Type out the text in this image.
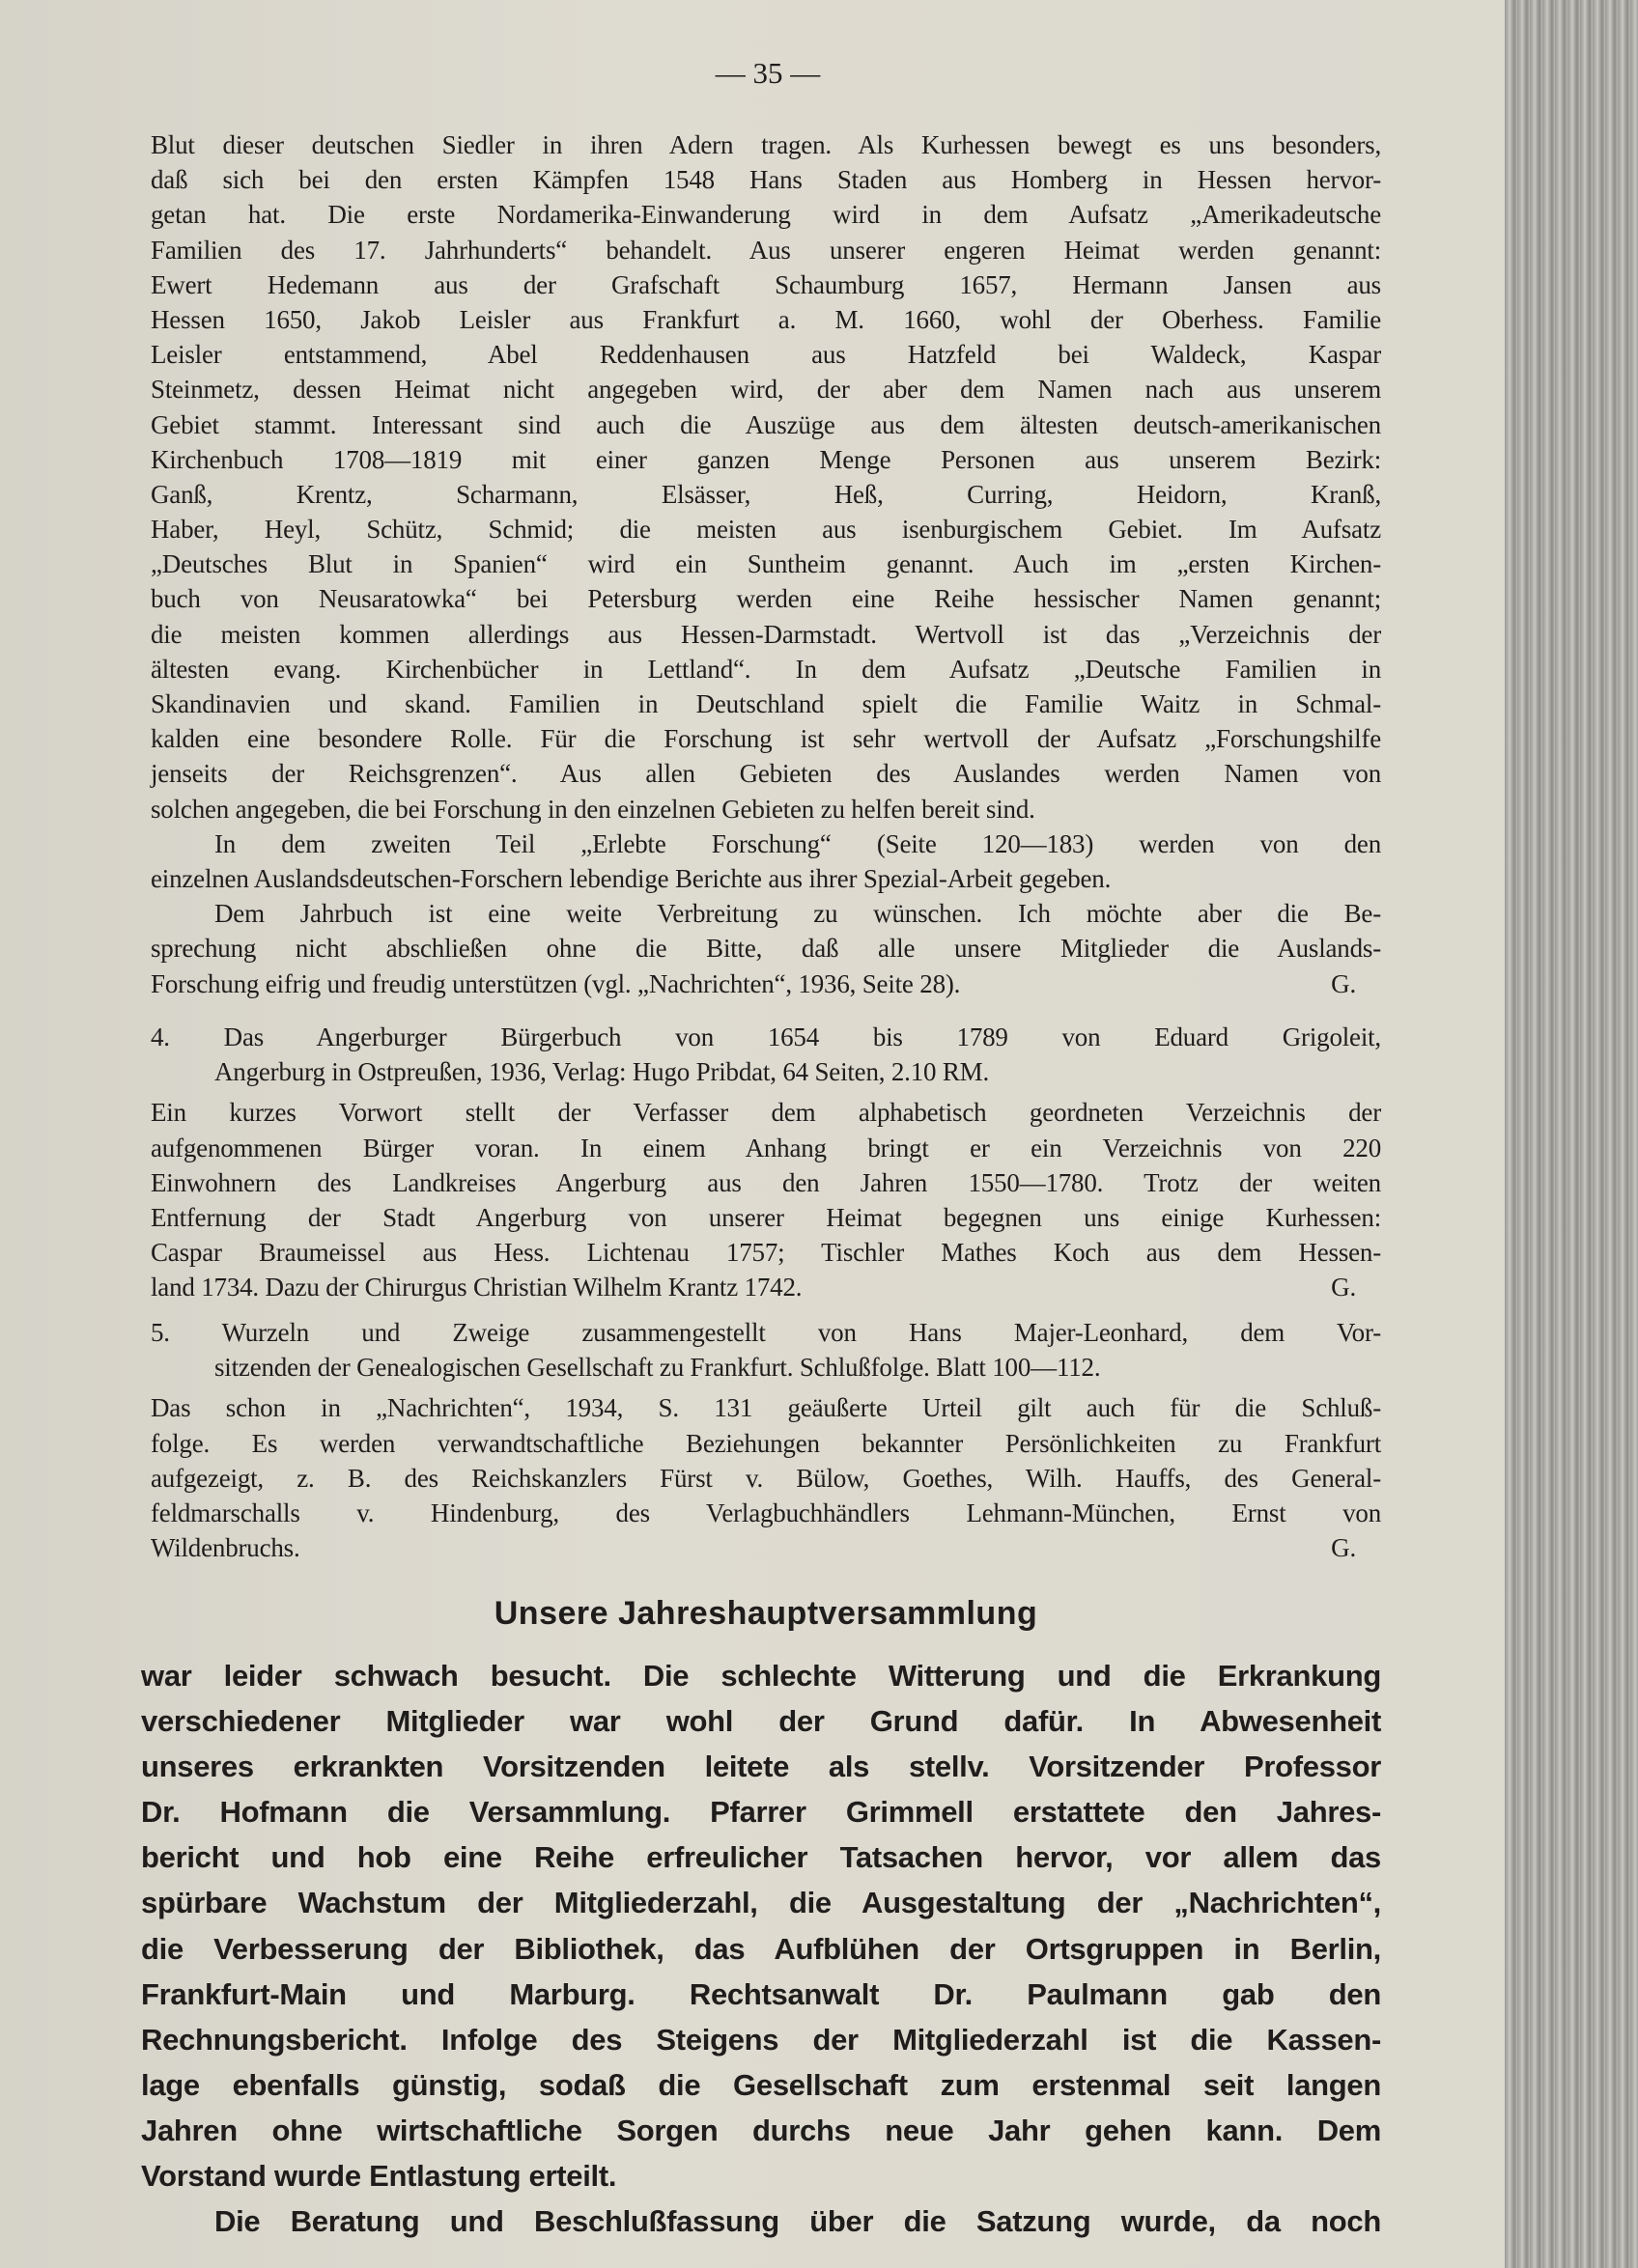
— 35 —
Blut dieser deutschen Siedler in ihren Adern tragen. Als Kurhessen bewegt es uns besonders,
daß sich bei den ersten Kämpfen 1548 Hans Staden aus Homberg in Hessen hervor-
getan hat. Die erste Nordamerika-Einwanderung wird in dem Aufsatz „Amerikadeutsche
Familien des 17. Jahrhunderts“ behandelt. Aus unserer engeren Heimat werden genannt:
Ewert Hedemann aus der Grafschaft Schaumburg 1657, Hermann Jansen aus
Hessen 1650, Jakob Leisler aus Frankfurt a. M. 1660, wohl der Oberhess. Familie
Leisler entstammend, Abel Reddenhausen aus Hatzfeld bei Waldeck, Kaspar
Steinmetz, dessen Heimat nicht angegeben wird, der aber dem Namen nach aus unserem
Gebiet stammt. Interessant sind auch die Auszüge aus dem ältesten deutsch-amerikanischen
Kirchenbuch 1708—1819 mit einer ganzen Menge Personen aus unserem Bezirk:
Ganß, Krentz, Scharmann, Elsässer, Heß, Curring, Heidorn, Kranß,
Haber, Heyl, Schütz, Schmid; die meisten aus isenburgischem Gebiet. Im Aufsatz
„Deutsches Blut in Spanien“ wird ein Suntheim genannt. Auch im „ersten Kirchen-
buch von Neusaratowka“ bei Petersburg werden eine Reihe hessischer Namen genannt;
die meisten kommen allerdings aus Hessen-Darmstadt. Wertvoll ist das „Verzeichnis der
ältesten evang. Kirchenbücher in Lettland“. In dem Aufsatz „Deutsche Familien in
Skandinavien und skand. Familien in Deutschland spielt die Familie Waitz in Schmal-
kalden eine besondere Rolle. Für die Forschung ist sehr wertvoll der Aufsatz „Forschungshilfe
jenseits der Reichsgrenzen“. Aus allen Gebieten des Auslandes werden Namen von
solchen angegeben, die bei Forschung in den einzelnen Gebieten zu helfen bereit sind.
In dem zweiten Teil „Erlebte Forschung“ (Seite 120—183) werden von den
einzelnen Auslandsdeutschen-Forschern lebendige Berichte aus ihrer Spezial-Arbeit gegeben.
Dem Jahrbuch ist eine weite Verbreitung zu wünschen. Ich möchte aber die Be-
sprechung nicht abschließen ohne die Bitte, daß alle unsere Mitglieder die Auslands-
G.
Forschung eifrig und freudig unterstützen (vgl. „Nachrichten“, 1936, Seite 28).
4. Das Angerburger Bürgerbuch von 1654 bis 1789 von Eduard Grigoleit,
Angerburg in Ostpreußen, 1936, Verlag: Hugo Pribdat, 64 Seiten, 2.10 RM.
Ein kurzes Vorwort stellt der Verfasser dem alphabetisch geordneten Verzeichnis der
aufgenommenen Bürger voran. In einem Anhang bringt er ein Verzeichnis von 220
Einwohnern des Landkreises Angerburg aus den Jahren 1550—1780. Trotz der weiten
Entfernung der Stadt Angerburg von unserer Heimat begegnen uns einige Kurhessen:
Caspar Braumeissel aus Hess. Lichtenau 1757; Tischler Mathes Koch aus dem Hessen-
G.
land 1734. Dazu der Chirurgus Christian Wilhelm Krantz 1742.
5. Wurzeln und Zweige zusammengestellt von Hans Majer-Leonhard, dem Vor-
sitzenden der Genealogischen Gesellschaft zu Frankfurt. Schlußfolge. Blatt 100—112.
Das schon in „Nachrichten“, 1934, S. 131 geäußerte Urteil gilt auch für die Schluß-
folge. Es werden verwandtschaftliche Beziehungen bekannter Persönlichkeiten zu Frankfurt
aufgezeigt, z. B. des Reichskanzlers Fürst v. Bülow, Goethes, Wilh. Hauffs, des General-
feldmarschalls v. Hindenburg, des Verlagbuchhändlers Lehmann-München, Ernst von
G.
Wildenbruchs.
Unsere Jahreshauptversammlung
war leider schwach besucht. Die schlechte Witterung und die Erkrankung
verschiedener Mitglieder war wohl der Grund dafür. In Abwesenheit
unseres erkrankten Vorsitzenden leitete als stellv. Vorsitzender Professor
Dr. Hofmann die Versammlung. Pfarrer Grimmell erstattete den Jahres-
bericht und hob eine Reihe erfreulicher Tatsachen hervor, vor allem das
spürbare Wachstum der Mitgliederzahl, die Ausgestaltung der „Nachrichten“,
die Verbesserung der Bibliothek, das Aufblühen der Ortsgruppen in Berlin,
Frankfurt-Main und Marburg. Rechtsanwalt Dr. Paulmann gab den
Rechnungsbericht. Infolge des Steigens der Mitgliederzahl ist die Kassen-
lage ebenfalls günstig, sodaß die Gesellschaft zum erstenmal seit langen
Jahren ohne wirtschaftliche Sorgen durchs neue Jahr gehen kann. Dem
Vorstand wurde Entlastung erteilt.
Die Beratung und Beschlußfassung über die Satzung wurde, da noch
